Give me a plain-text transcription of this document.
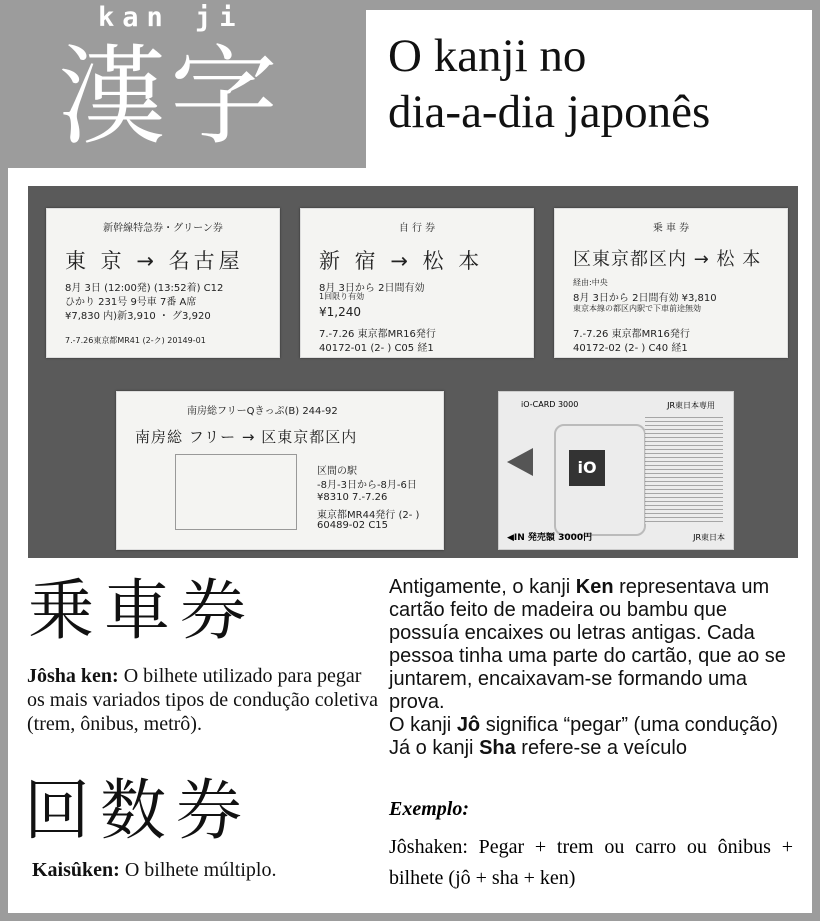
kan ji
漢字 O kanji no
dia-a-dia japonês
新幹線特急券・グリーン券
東 京 → 名古屋
8月 3日 (12:00発) (13:52着) C12
ひかり 231号 9号車 7番 A席
¥7,830 内)新3,910 ・ グ3,920
7.-7.26東京都MR41 (2-ク) 20149-01
自 行 券
新 宿 → 松 本
8月 3日から 2日間有効
1回限り有効
¥1,240
7.-7.26 東京都MR16発行
40172-01 (2- ) C05 経1
乗 車 券
区東京都区内 → 松 本
経由:中央
8月 3日から 2日間有効 ¥3,810
東京本線の都区内駅で下車前途無効
7.-7.26 東京都MR16発行
40172-02 (2- ) C40 経1
南房総フリーQきっぷ(B) 244-92
南房総 フリー → 区東京都区内
区間の駅
-8月-3日から-8月-6日
¥8310 7.-7.26
東京都MR44発行 (2- )
60489-02 C15
iO-CARD 3000	JR東日本専用
iO
◀IN 発売額 3000円	JR東日本
乗車券
Jôsha ken: O bilhete utilizado para pegar os mais variados tipos de condução coletiva (trem, ônibus, metrô).
回数券
Kaisûken: O bilhete múltiplo.
Antigamente, o kanji Ken representava um cartão feito de madeira ou bambu que possuía encaixes ou letras antigas. Cada pessoa tinha uma parte do cartão, que ao se juntarem, encaixavam-se formando uma prova.
O kanji Jô significa “pegar” (uma condução)
Já o kanji Sha refere-se a veículo
Exemplo:
Jôshaken: Pegar + trem ou carro ou ônibus + bilhete (jô + sha + ken)
